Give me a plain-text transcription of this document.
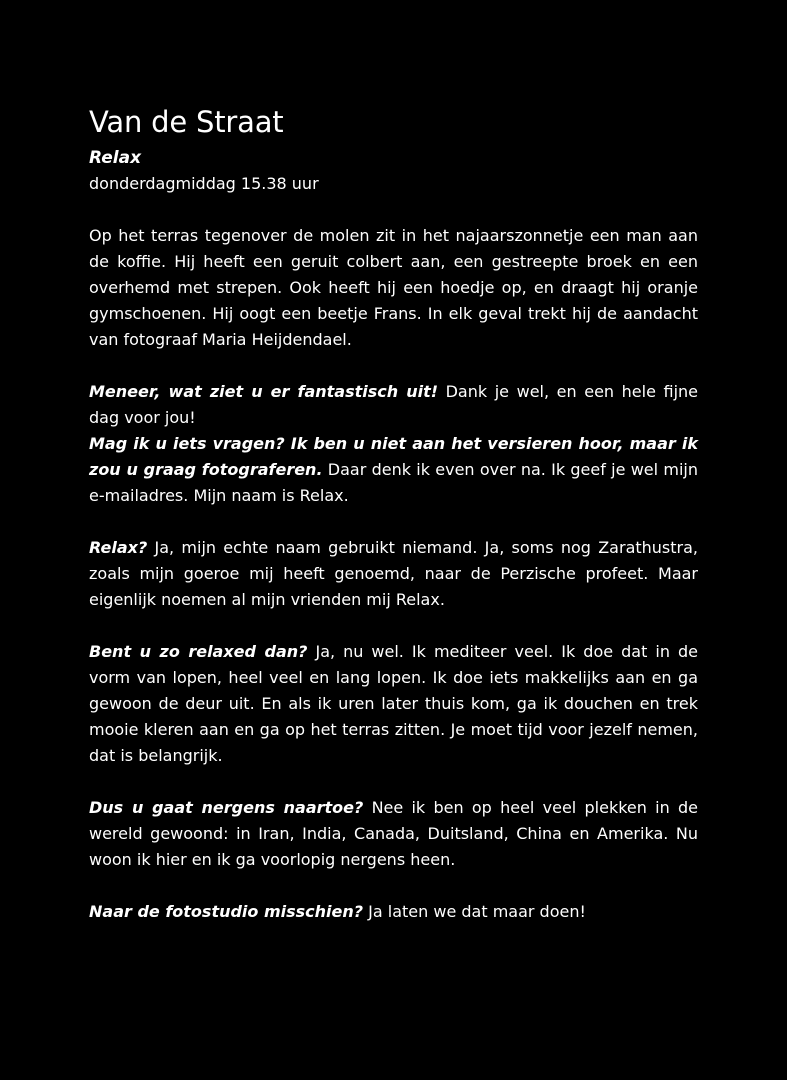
Van de Straat
Relax
donderdagmiddag 15.38 uur

Op het terras tegenover de molen zit in het najaarszonnetje een man aan de koffie. Hij heeft een geruit colbert aan, een gestreepte broek en een overhemd met strepen. Ook heeft hij een hoedje op, en draagt hij oranje gymschoenen. Hij oogt een beetje Frans. In elk geval trekt hij de aandacht van fotograaf Maria Heijdendael.

Meneer, wat ziet u er fantastisch uit! Dank je wel, en een hele fijne dag voor jou!

Mag ik u iets vragen? Ik ben u niet aan het versieren hoor, maar ik zou u graag fotograferen. Daar denk ik even over na. Ik geef je wel mijn e-mailadres. Mijn naam is Relax.

Relax? Ja, mijn echte naam gebruikt niemand. Ja, soms nog Zarathustra, zoals mijn goeroe mij heeft genoemd, naar de Perzische profeet. Maar eigenlijk noemen al mijn vrienden mij Relax.

Bent u zo relaxed dan? Ja, nu wel. Ik mediteer veel. Ik doe dat in de vorm van lopen, heel veel en lang lopen. Ik doe iets makkelijks aan en ga gewoon de deur uit. En als ik uren later thuis kom, ga ik douchen en trek mooie kleren aan en ga op het terras zitten. Je moet tijd voor jezelf nemen, dat is belangrijk.

Dus u gaat nergens naartoe? Nee ik ben op heel veel plekken in de wereld gewoond: in Iran, India, Canada, Duitsland, China en Amerika. Nu woon ik hier en ik ga voorlopig nergens heen.

Naar de fotostudio misschien? Ja laten we dat maar doen!
